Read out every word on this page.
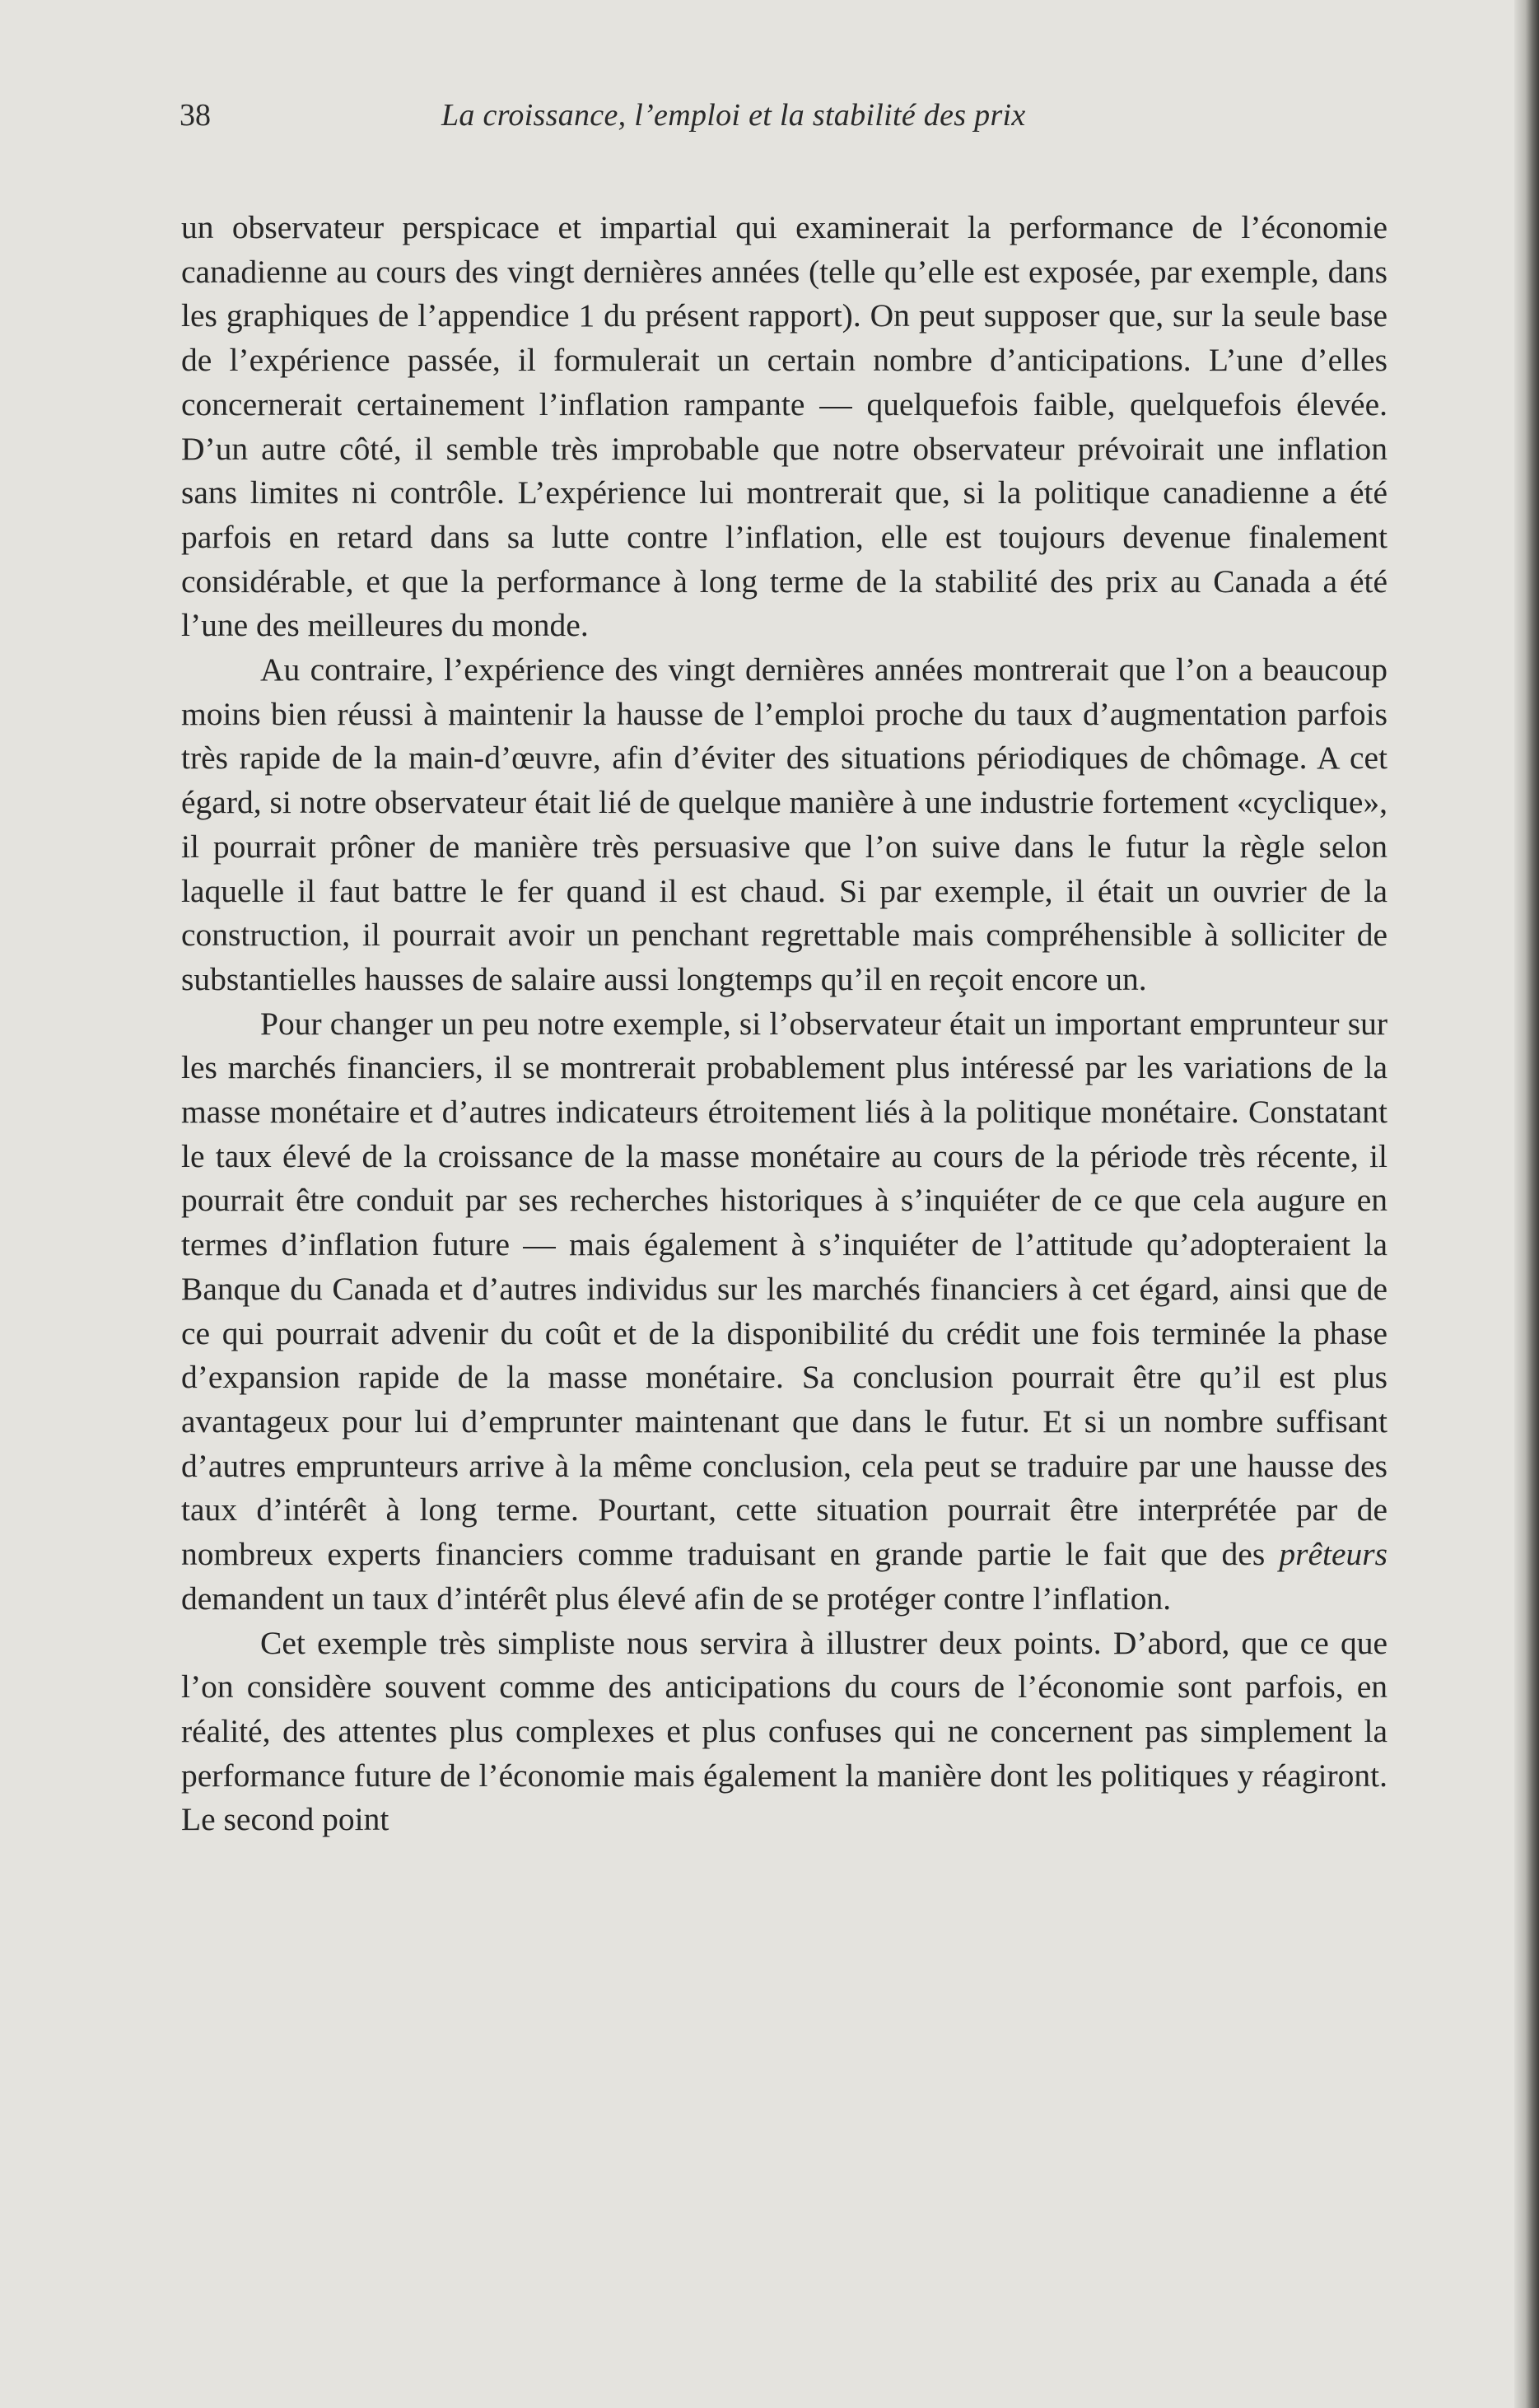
38	La croissance, l’emploi et la stabilité des prix

un observateur perspicace et impartial qui examinerait la performance de l’économie canadienne au cours des vingt dernières années (telle qu’elle est exposée, par exemple, dans les graphiques de l’appendice 1 du présent rapport). On peut supposer que, sur la seule base de l’expérience passée, il formulerait un certain nombre d’anticipations. L’une d’elles concernerait certainement l’inflation rampante — quelquefois faible, quelquefois élevée. D’un autre côté, il semble très improbable que notre observateur prévoirait une inflation sans limites ni contrôle. L’expérience lui montrerait que, si la politique canadienne a été parfois en retard dans sa lutte contre l’inflation, elle est toujours devenue finalement considérable, et que la performance à long terme de la stabilité des prix au Canada a été l’une des meilleures du monde.

Au contraire, l’expérience des vingt dernières années montrerait que l’on a beaucoup moins bien réussi à maintenir la hausse de l’emploi proche du taux d’augmentation parfois très rapide de la main-d’œuvre, afin d’éviter des situations périodiques de chômage. A cet égard, si notre observateur était lié de quelque manière à une industrie fortement «cyclique», il pourrait prôner de manière très persuasive que l’on suive dans le futur la règle selon laquelle il faut battre le fer quand il est chaud. Si par exemple, il était un ouvrier de la construction, il pourrait avoir un penchant regrettable mais compréhensible à solliciter de substantielles hausses de salaire aussi longtemps qu’il en reçoit encore un.

Pour changer un peu notre exemple, si l’observateur était un important emprunteur sur les marchés financiers, il se montrerait probablement plus intéressé par les variations de la masse monétaire et d’autres indicateurs étroitement liés à la politique monétaire. Constatant le taux élevé de la croissance de la masse monétaire au cours de la période très récente, il pourrait être conduit par ses recherches historiques à s’inquiéter de ce que cela augure en termes d’inflation future — mais également à s’inquiéter de l’attitude qu’adopteraient la Banque du Canada et d’autres individus sur les marchés financiers à cet égard, ainsi que de ce qui pourrait advenir du coût et de la disponibilité du crédit une fois terminée la phase d’expansion rapide de la masse monétaire. Sa conclusion pourrait être qu’il est plus avantageux pour lui d’emprunter maintenant que dans le futur. Et si un nombre suffisant d’autres emprunteurs arrive à la même conclusion, cela peut se traduire par une hausse des taux d’intérêt à long terme. Pourtant, cette situation pourrait être interprétée par de nombreux experts financiers comme traduisant en grande partie le fait que des prêteurs demandent un taux d’intérêt plus élevé afin de se protéger contre l’inflation.

Cet exemple très simpliste nous servira à illustrer deux points. D’abord, que ce que l’on considère souvent comme des anticipations du cours de l’économie sont parfois, en réalité, des attentes plus complexes et plus confuses qui ne concernent pas simplement la performance future de l’économie mais également la manière dont les politiques y réagiront. Le second point
